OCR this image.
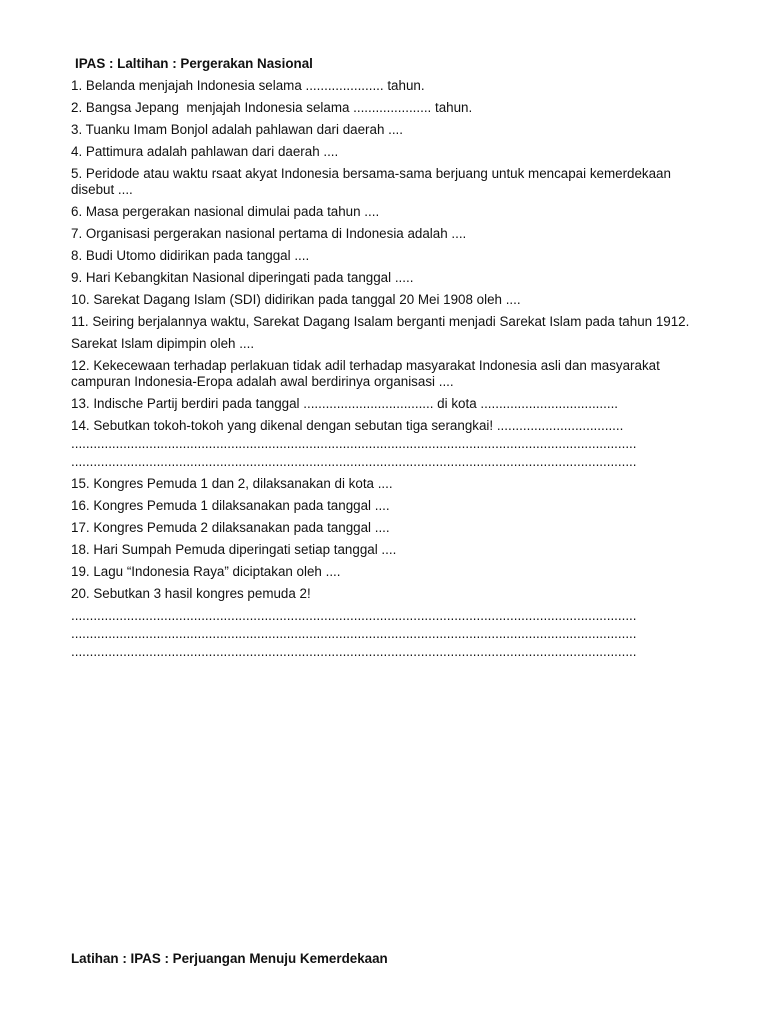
IPAS : Laltihan : Pergerakan Nasional
1. Belanda menjajah Indonesia selama ..................... tahun.
2. Bangsa Jepang  menjajah Indonesia selama ..................... tahun.
3. Tuanku Imam Bonjol adalah pahlawan dari daerah ....
4. Pattimura adalah pahlawan dari daerah ....
5. Peridode atau waktu rsaat akyat Indonesia bersama-sama berjuang untuk mencapai kemerdekaan disebut ....
6. Masa pergerakan nasional dimulai pada tahun ....
7. Organisasi pergerakan nasional pertama di Indonesia adalah ....
8. Budi Utomo didirikan pada tanggal ....
9. Hari Kebangkitan Nasional diperingati pada tanggal .....
10. Sarekat Dagang Islam (SDI) didirikan pada tanggal 20 Mei 1908 oleh ....
11. Seiring berjalannya waktu, Sarekat Dagang Isalam berganti menjadi Sarekat Islam pada tahun 1912.
Sarekat Islam dipimpin oleh ....
12. Kekecewaan terhadap perlakuan tidak adil terhadap masyarakat Indonesia asli dan masyarakat campuran Indonesia-Eropa adalah awal berdirinya organisasi ....
13. Indische Partij berdiri pada tanggal ................................... di kota .....................................
14. Sebutkan tokoh-tokoh yang dikenal dengan sebutan tiga serangkai! ..................................
........................................................................................................................................................
........................................................................................................................................................
15. Kongres Pemuda 1 dan 2, dilaksanakan di kota ....
16. Kongres Pemuda 1 dilaksanakan pada tanggal ....
17. Kongres Pemuda 2 dilaksanakan pada tanggal ....
18. Hari Sumpah Pemuda diperingati setiap tanggal ....
19. Lagu “Indonesia Raya” diciptakan oleh ....
20. Sebutkan 3 hasil kongres pemuda 2!
........................................................................................................................................................
........................................................................................................................................................
........................................................................................................................................................
Latihan : IPAS : Perjuangan Menuju Kemerdekaan
